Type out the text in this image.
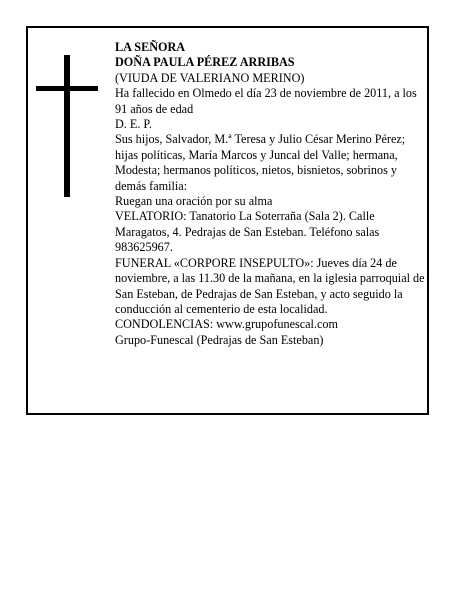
LA SEÑORA

DOÑA PAULA PÉREZ ARRIBAS

(VIUDA DE VALERIANO MERINO)

Ha fallecido en Olmedo el día 23 de noviembre de 2011, a los 91 años de edad

D. E. P.

Sus hijos, Salvador, M.ª Teresa y Julio César Merino Pérez; hijas políticas, María Marcos y Juncal del Valle; hermana, Modesta; hermanos políticos, nietos, bisnietos, sobrinos y demás familia:

Ruegan una oración por su alma

VELATORIO: Tanatorio La Soterraña (Sala 2). Calle Maragatos, 4. Pedrajas de San Esteban. Teléfono salas 983625967.

FUNERAL «CORPORE INSEPULTO»: Jueves día 24 de noviembre, a las 11.30 de la mañana, en la iglesia parroquial de San Esteban, de Pedrajas de San Esteban, y acto seguido la conducción al cementerio de esta localidad.

CONDOLENCIAS: www.grupofunescal.com

Grupo-Funescal (Pedrajas de San Esteban)
